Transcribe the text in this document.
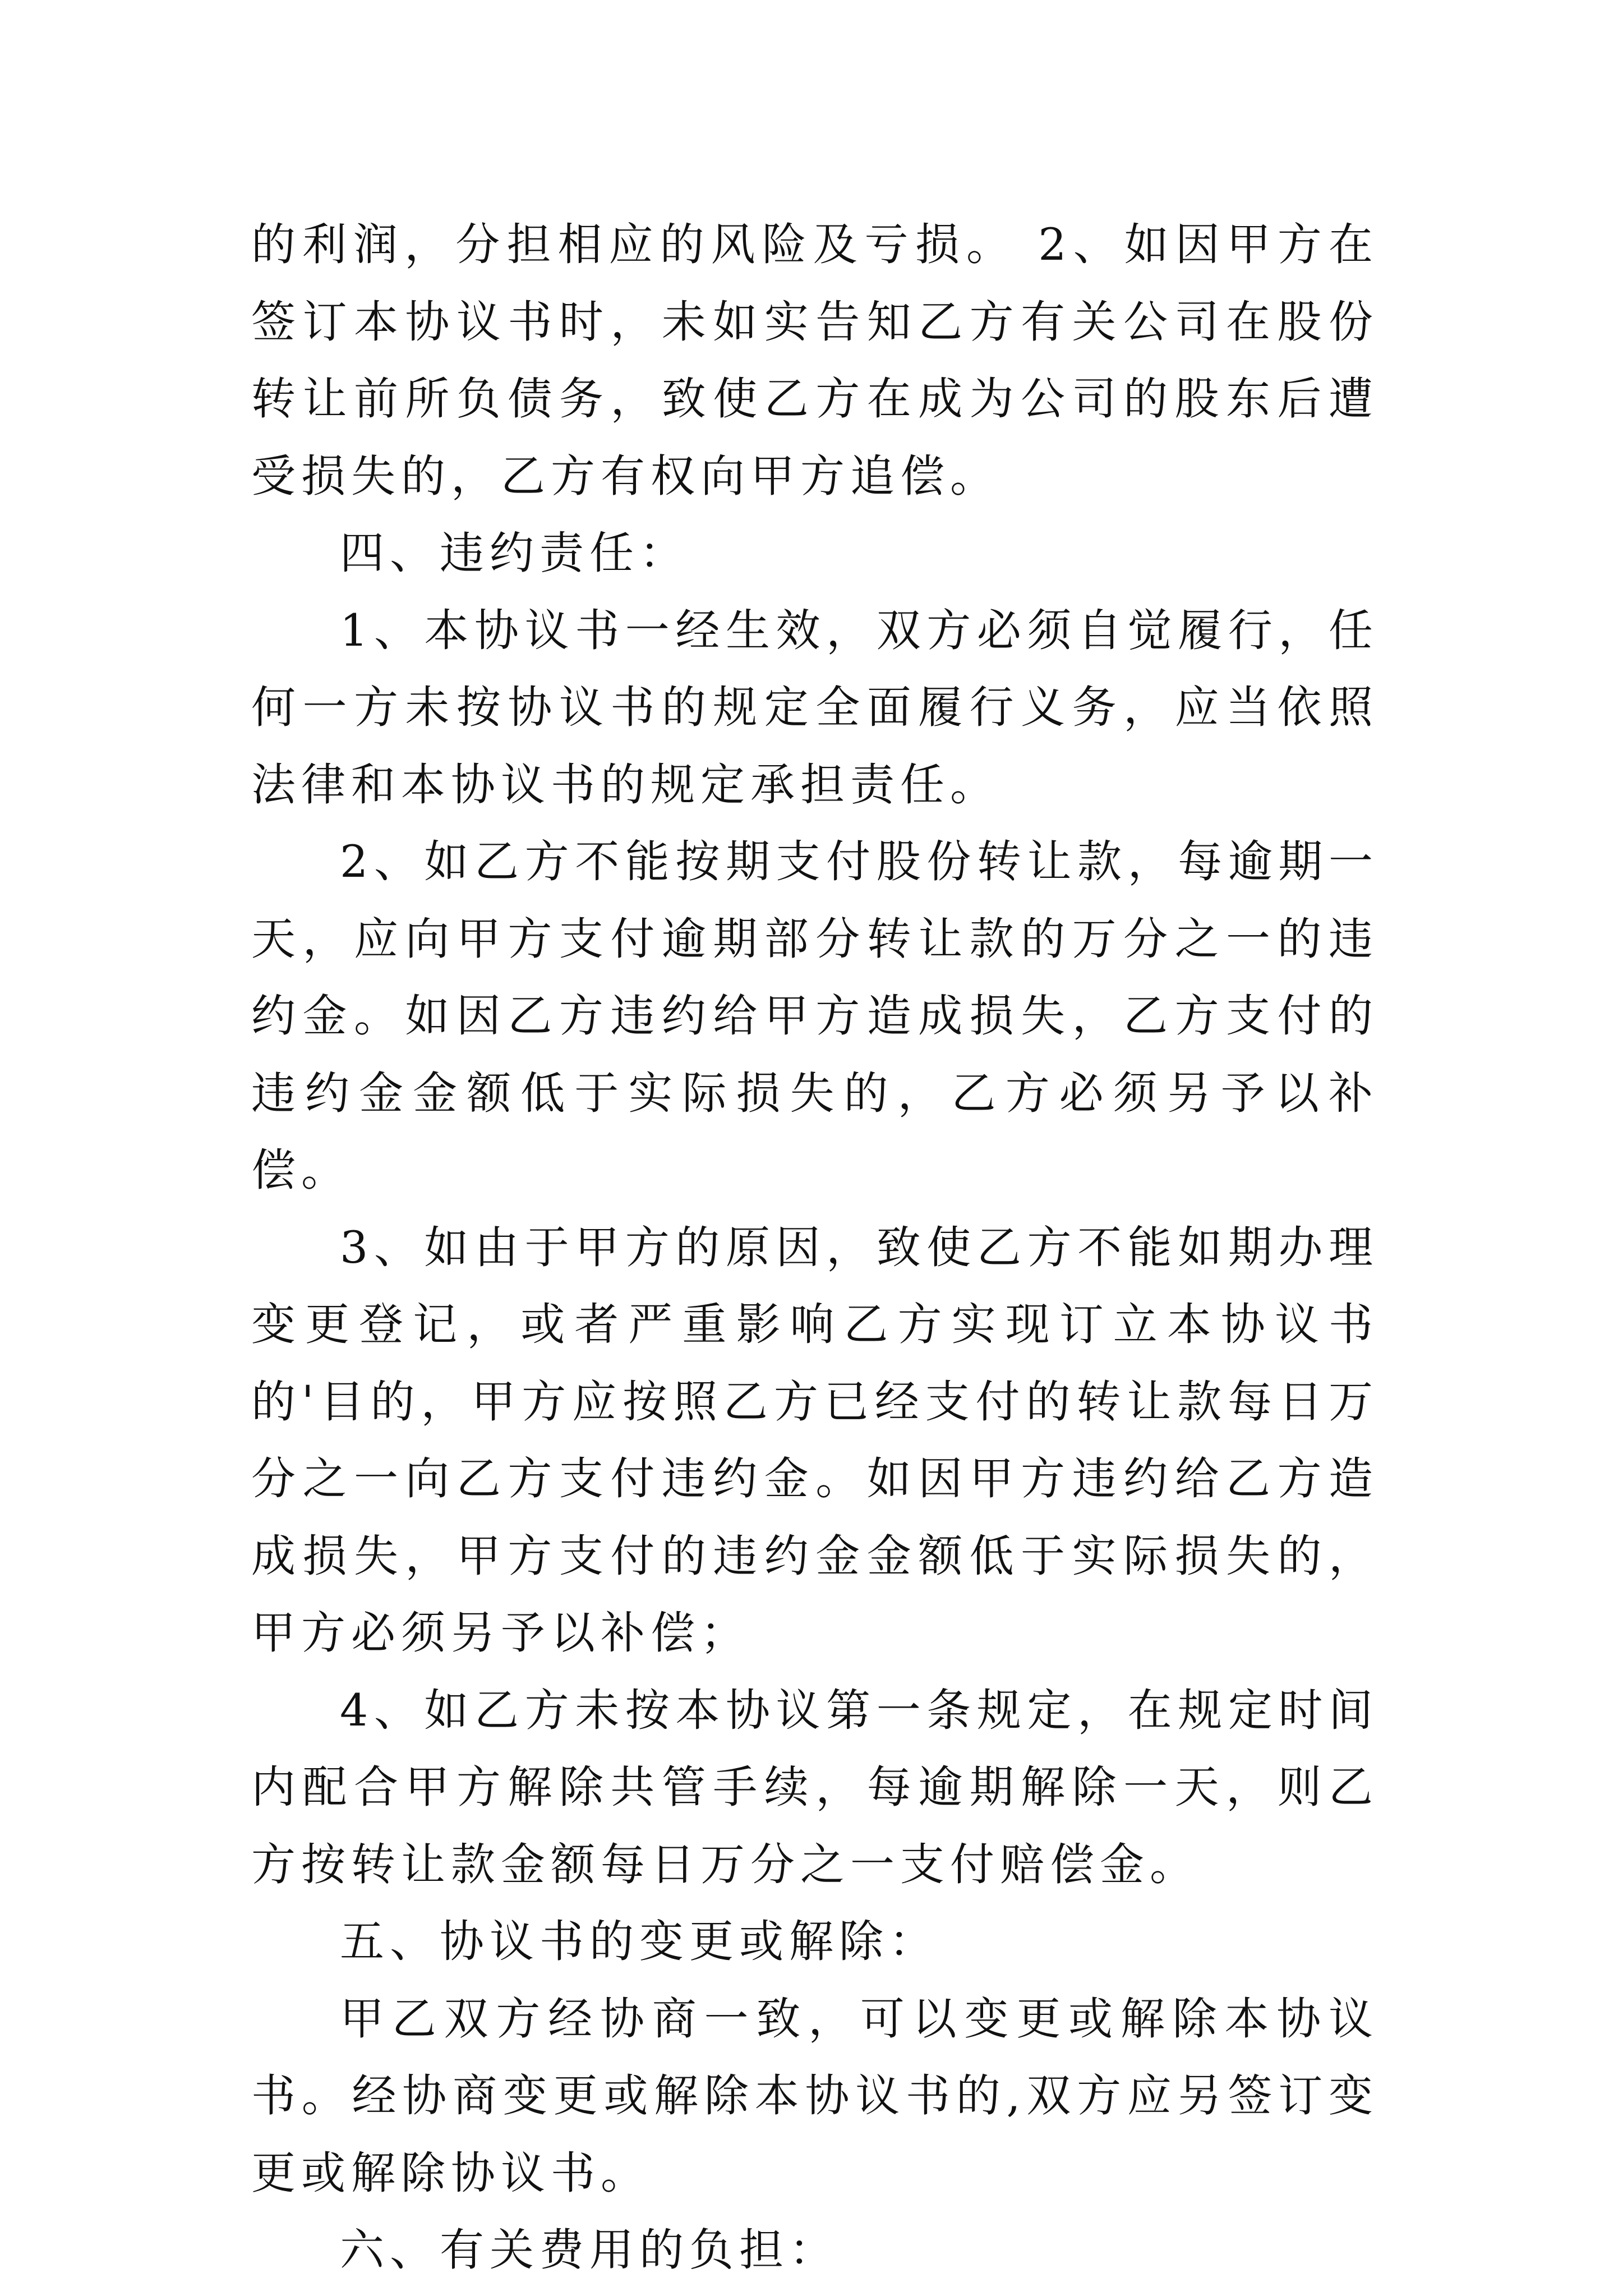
的利润，分担相应的风险及亏损。 2、如因甲方在签订本协议书时，未如实告知乙方有关公司在股份转让前所负债务，致使乙方在成为公司的股东后遭受损失的，乙方有权向甲方追偿。

四、违约责任：

1、本协议书一经生效，双方必须自觉履行，任何一方未按协议书的规定全面履行义务，应当依照法律和本协议书的规定承担责任。

2、如乙方不能按期支付股份转让款，每逾期一天，应向甲方支付逾期部分转让款的万分之一的违约金。如因乙方违约给甲方造成损失，乙方支付的违约金金额低于实际损失的，乙方必须另予以补偿。

3、如由于甲方的原因，致使乙方不能如期办理变更登记，或者严重影响乙方实现订立本协议书的'目的，甲方应按照乙方已经支付的转让款每日万分之一向乙方支付违约金。如因甲方违约给乙方造成损失，甲方支付的违约金金额低于实际损失的，甲方必须另予以补偿；

4、如乙方未按本协议第一条规定，在规定时间内配合甲方解除共管手续，每逾期解除一天，则乙方按转让款金额每日万分之一支付赔偿金。

五、协议书的变更或解除：

甲乙双方经协商一致，可以变更或解除本协议书。经协商变更或解除本协议书的,双方应另签订变更或解除协议书。

六、有关费用的负担：
